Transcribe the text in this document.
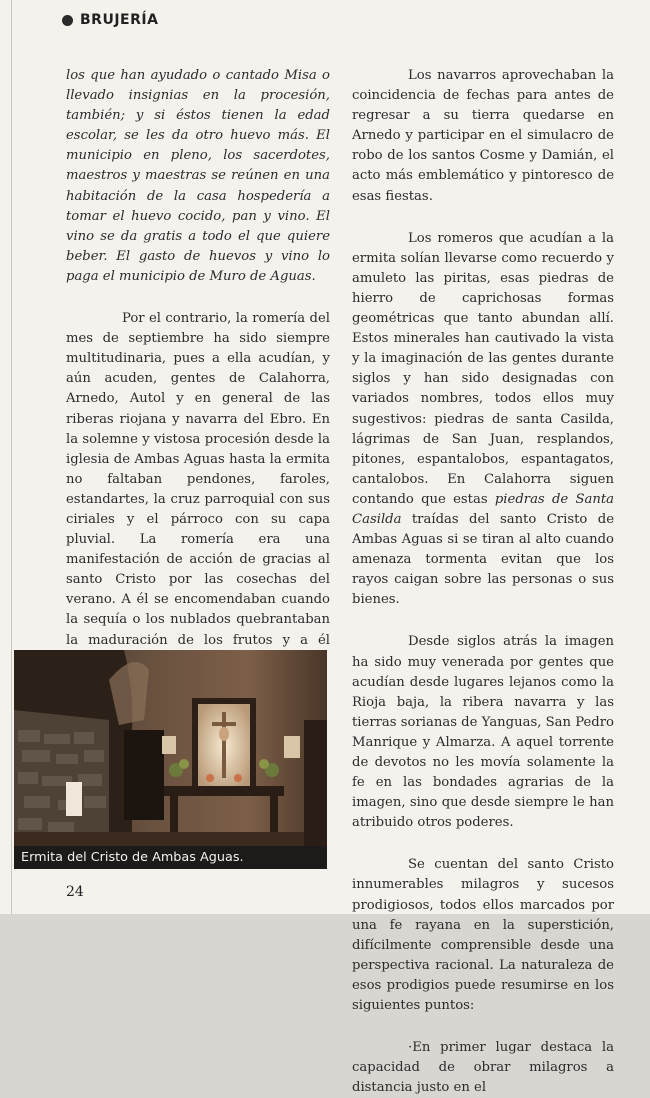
BRUJERÍA

los que han ayudado o cantado Misa o llevado insignias en la procesión, también; y si éstos tienen la edad escolar, se les da otro huevo más. El municipio en pleno, los sacerdotes, maestros y maestras se reúnen en una habitación de la casa hospedería a tomar el huevo cocido, pan y vino. El vino se da gratis a todo el que quiere beber. El gasto de huevos y vino lo paga el municipio de Muro de Aguas.

Por el contrario, la romería del mes de septiembre ha sido siempre multitudinaria, pues a ella acudían, y aún acuden, gentes de Calahorra, Arnedo, Autol y en general de las riberas riojana y navarra del Ebro. En la solemne y vistosa procesión desde la iglesia de Ambas Aguas hasta la ermita no faltaban pendones, faroles, estandartes, la cruz parroquial con sus ciriales y el párroco con su capa pluvial. La romería era una manifestación de acción de gracias al santo Cristo por las cosechas del verano. A él se encomendaban cuando la sequía o los nublados quebrantaban la maduración de los frutos y a él

Los navarros aprovechaban la coincidencia de fechas para antes de regresar a su tierra quedarse en Arnedo y participar en el simulacro de robo de los santos Cosme y Damián, el acto más emblemático y pintoresco de esas fiestas.

Los romeros que acudían a la ermita solían llevarse como recuerdo y amuleto las piritas, esas piedras de hierro de caprichosas formas geométricas que tanto abundan allí. Estos minerales han cautivado la vista y la imaginación de las gentes durante siglos y han sido designadas con variados nombres, todos ellos muy sugestivos: piedras de santa Casilda, lágrimas de San Juan, resplandos, pitones, espantalobos, espantagatos, cantalobos. En Calahorra siguen contando que estas piedras de Santa Casilda traídas del santo Cristo de Ambas Aguas si se tiran al alto cuando amenaza tormenta evitan que los rayos caigan sobre las personas o sus bienes.

Desde siglos atrás la imagen ha sido muy venerada por gentes que acudían desde lugares lejanos como la Rioja baja, la ribera navarra y las tierras sorianas de Yanguas, San Pedro Manrique y Almarza. A aquel torrente de devotos no les movía solamente la fe en las bondades agrarias de la imagen, sino que desde siempre le han atribuido otros poderes.

Se cuentan del santo Cristo innumerables milagros y sucesos prodigiosos, todos ellos marcados por una fe rayana en la superstición, difícilmente comprensible desde una perspectiva racional. La naturaleza de esos prodigios puede resumirse en los siguientes puntos:

·En primer lugar destaca la capacidad de obrar milagros a distancia justo en el

Ermita del Cristo de Ambas Aguas.
24
